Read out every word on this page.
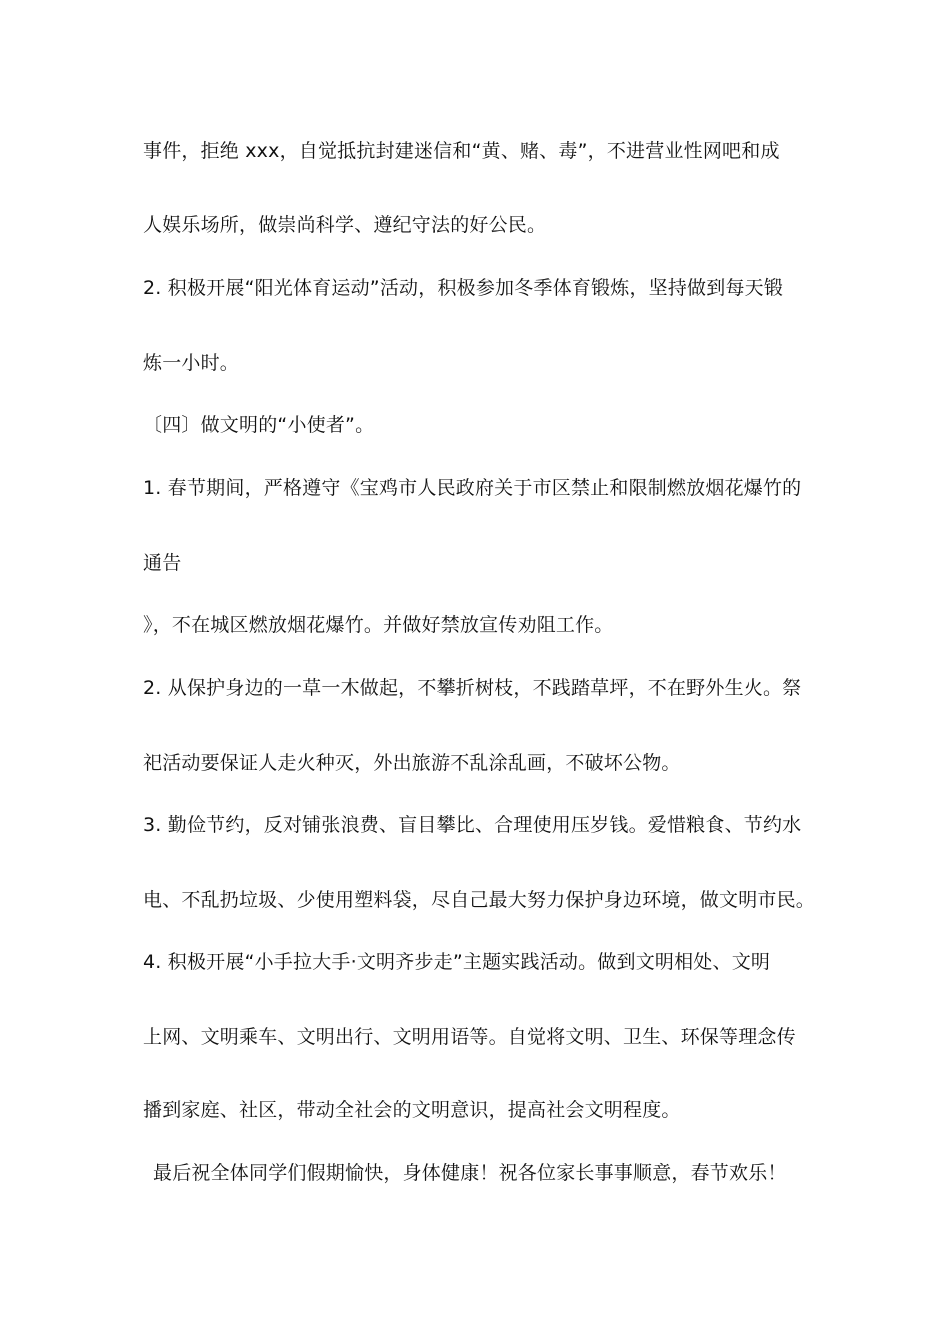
事件，拒绝 xxx，自觉抵抗封建迷信和“黄、赌、毒”，不进营业性网吧和成
人娱乐场所，做崇尚科学、遵纪守法的好公民。
2. 积极开展“阳光体育运动”活动，积极参加冬季体育锻炼，坚持做到每天锻
炼一小时。
〔四〕做文明的“小使者”。
1. 春节期间，严格遵守《宝鸡市人民政府关于市区禁止和限制燃放烟花爆竹的
通告
》，不在城区燃放烟花爆竹。并做好禁放宣传劝阻工作。
2. 从保护身边的一草一木做起，不攀折树枝，不践踏草坪，不在野外生火。祭
祀活动要保证人走火种灭，外出旅游不乱涂乱画，不破坏公物。
3. 勤俭节约，反对铺张浪费、盲目攀比、合理使用压岁钱。爱惜粮食、节约水
电、不乱扔垃圾、少使用塑料袋，尽自己最大努力保护身边环境，做文明市民。
4. 积极开展“小手拉大手·文明齐步走”主题实践活动。做到文明相处、文明
上网、文明乘车、文明出行、文明用语等。自觉将文明、卫生、环保等理念传
播到家庭、社区，带动全社会的文明意识，提高社会文明程度。
最后祝全体同学们假期愉快，身体健康！祝各位家长事事顺意，春节欢乐！
